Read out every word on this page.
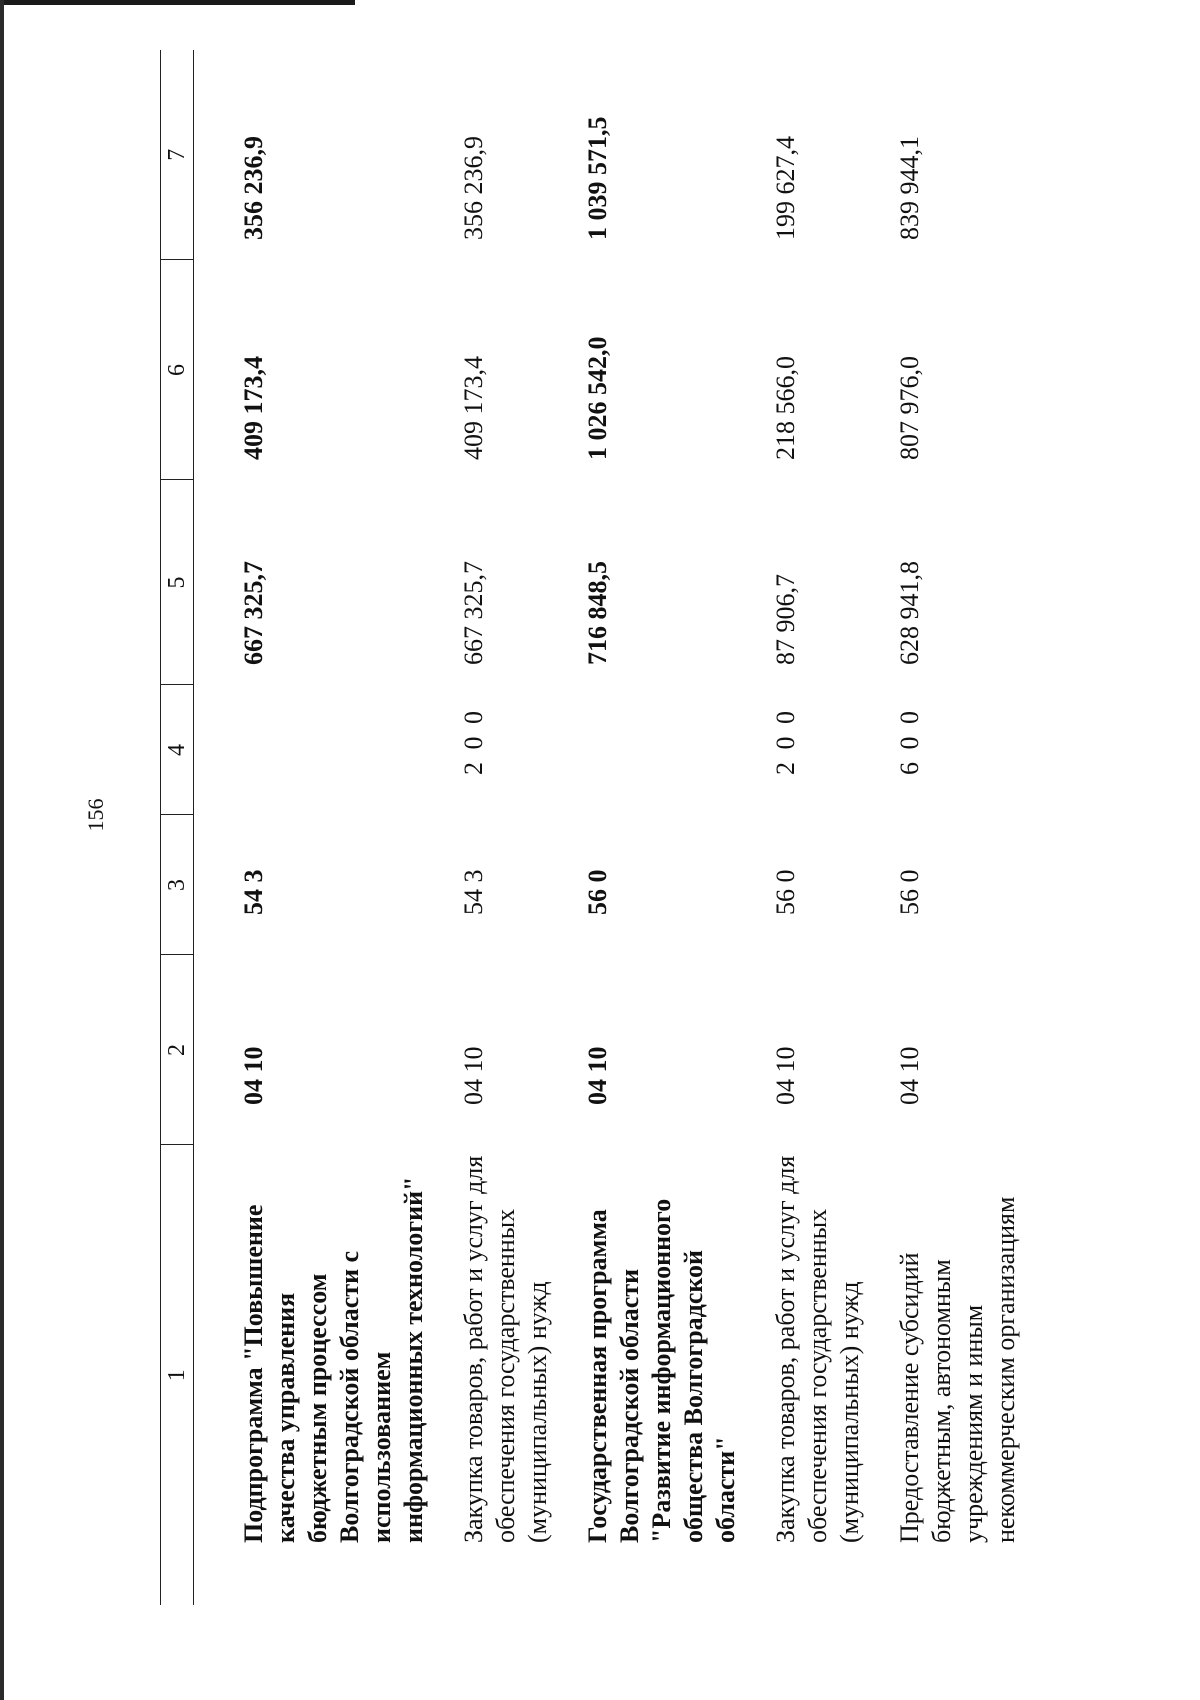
156
1	2	3	4	5	6	7
Подпрограмма "Повышение качества управления бюджетным процессом Волгоградской области с использованием информационных технологий"	04 10	54 3		667 325,7	409 173,4	356 236,9
Закупка товаров, работ и услуг для обеспечения государственных (муниципальных) нужд	04 10	54 3	2 0 0	667 325,7	409 173,4	356 236,9
Государственная программа Волгоградской области "Развитие информационного общества Волгоградской области"	04 10	56 0		716 848,5	1 026 542,0	1 039 571,5
Закупка товаров, работ и услуг для обеспечения государственных (муниципальных) нужд	04 10	56 0	2 0 0	87 906,7	218 566,0	199 627,4
Предоставление субсидий бюджетным, автономным учреждениям и иным некоммерческим организациям	04 10	56 0	6 0 0	628 941,8	807 976,0	839 944,1
